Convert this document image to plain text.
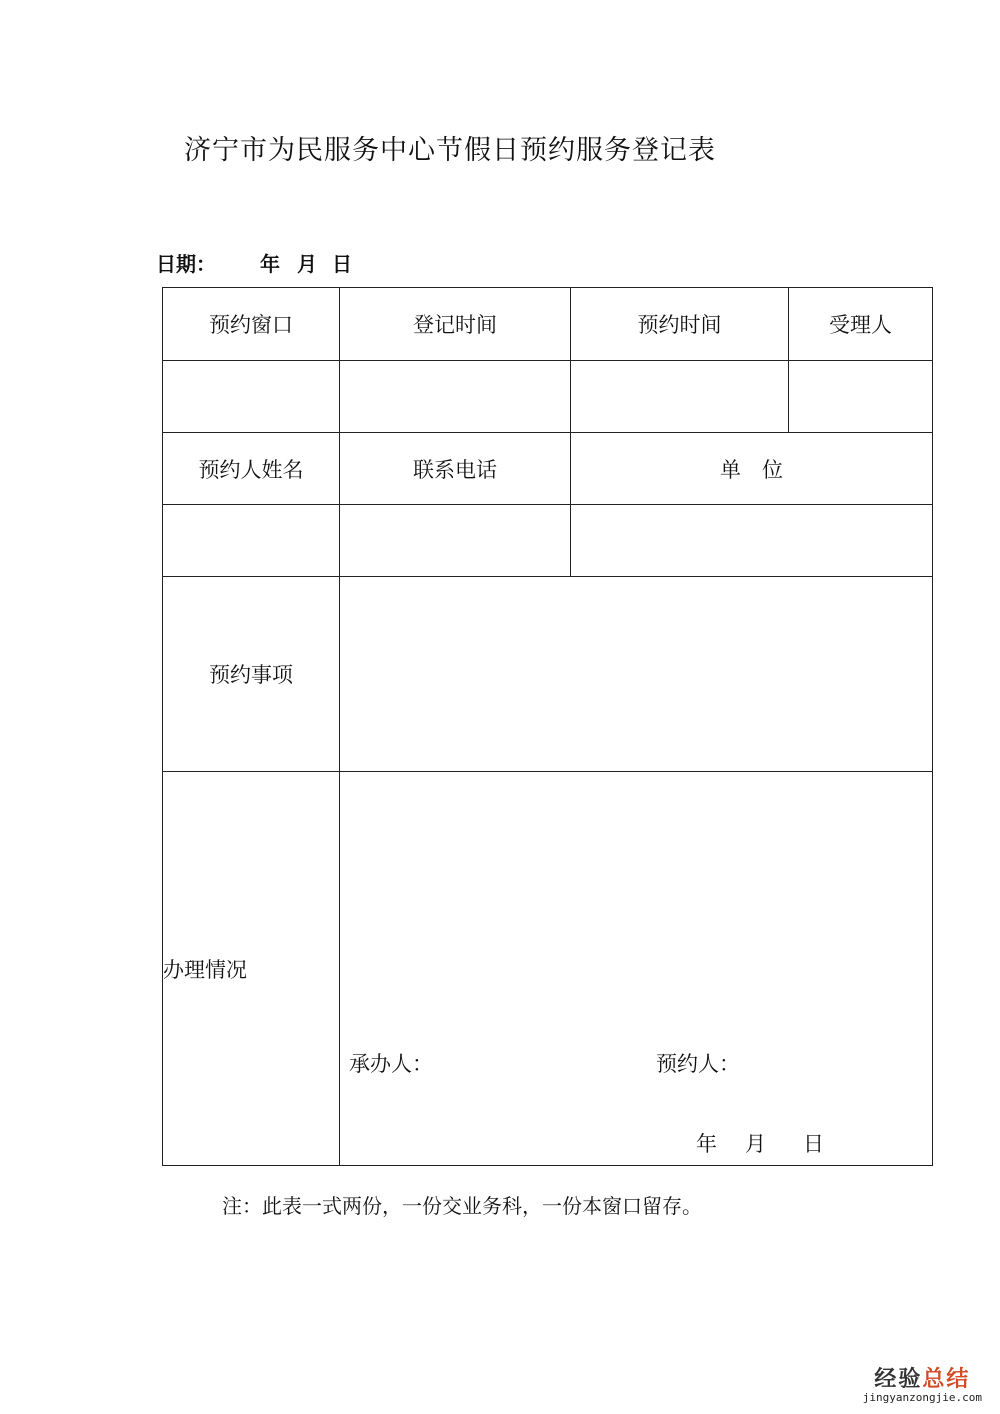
济宁市为民服务中心节假日预约服务登记表
日期： 年 月 日
预约窗口	登记时间	预约时间	受理人
预约人姓名	联系电话	单　位
预约事项
办理情况
承办人：	预约人：
年 月 日
注：此表一式两份，一份交业务科，一份本窗口留存。
经验总结
jingyanzongjie.com
